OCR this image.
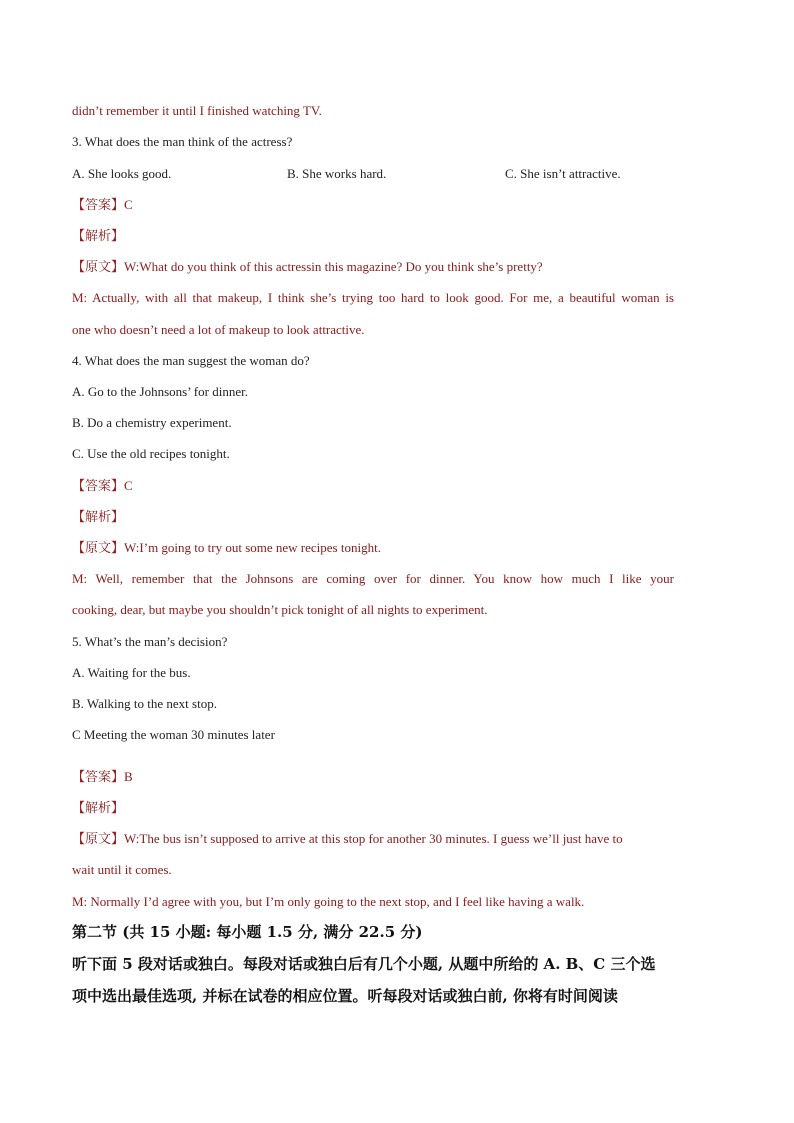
didn’t remember it until I finished watching TV.
3. What does the man think of the actress?
A. She looks good.	B. She works hard.	C. She isn’t attractive.
【答案】C
【解析】
【原文】W:What do you think of this actressin this magazine? Do you think she’s pretty?
M: Actually, with all that makeup, I think she’s trying too hard to look good. For me, a beautiful woman is
one who doesn’t need a lot of makeup to look attractive.
4. What does the man suggest the woman do?
A. Go to the Johnsons’ for dinner.
B. Do a chemistry experiment.
C. Use the old recipes tonight.
【答案】C
【解析】
【原文】W:I’m going to try out some new recipes tonight.
M: Well, remember that the Johnsons are coming over for dinner. You know how much I like your
cooking, dear, but maybe you shouldn’t pick tonight of all nights to experiment.
5. What’s the man’s decision?
A. Waiting for the bus.
B. Walking to the next stop.
C Meeting the woman 30 minutes later
【答案】B
【解析】
【原文】W:The bus isn’t supposed to arrive at this stop for another 30 minutes. I guess we’ll just have to
wait until it comes.
M: Normally I’d agree with you, but I’m only going to the next stop, and I feel like having a walk.
第二节 (共 15 小题: 每小题 1.5 分, 满分 22.5 分)
听下面 5 段对话或独白。每段对话或独白后有几个小题, 从题中所给的 A. B、C 三个选
项中选出最佳选项, 并标在试卷的相应位置。听每段对话或独白前, 你将有时间阅读
